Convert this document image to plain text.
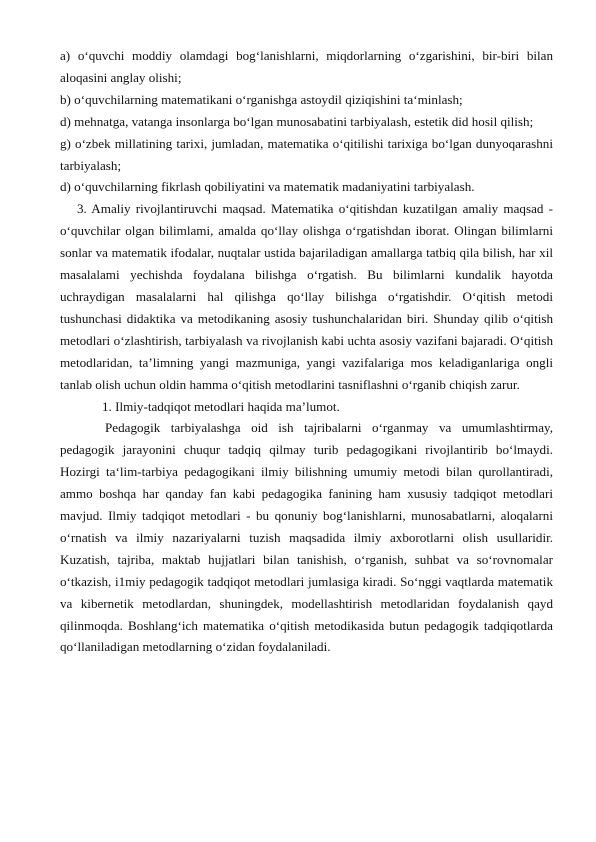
a) o‘quvchi moddiy olamdagi bog‘lanishlarni, miqdorlarning o‘zgarishini, bir-biri bilan aloqasini anglay olishi;

b) o‘quvchilarning matematikani o‘rganishga astoydil qiziqishini ta‘minlash;

d) mehnatga, vatanga insonlarga bo‘lgan munosabatini tarbiyalash, estetik did hosil qilish;

g) o‘zbek millatining tarixi, jumladan, matematika o‘qitilishi tarixiga bo‘lgan dunyoqarashni tarbiyalash;

d) o‘quvchilarning fikrlash qobiliyatini va matematik madaniyatini tarbiyalash.

3. Amaliy rivojlantiruvchi maqsad. Matematika o‘qitishdan kuzatilgan amaliy maqsad - o‘quvchilar olgan bilimlami, amalda qo‘llay olishga o‘rgatishdan iborat. Olingan bilimlarni sonlar va matematik ifodalar, nuqtalar ustida bajariladigan amallarga tatbiq qila bilish, har xil masalalami yechishda foydalana bilishga o‘rgatish. Bu bilimlarni kundalik hayotda uchraydigan masalalarni hal qilishga qo‘llay bilishga o‘rgatishdir. O‘qitish metodi tushunchasi didaktika va metodikaning asosiy tushunchalaridan biri. Shunday qilib o‘qitish metodlari o‘zlashtirish, tarbiyalash va rivojlanish kabi uchta asosiy vazifani bajaradi. O‘qitish metodlaridan, ta’limning yangi mazmuniga, yangi vazifalariga mos keladiganlariga ongli tanlab olish uchun oldin hamma o‘qitish metodlarini tasniflashni o‘rganib chiqish zarur.

1. Ilmiy-tadqiqot metodlari haqida ma’lumot.

Pedagogik tarbiyalashga oid ish tajribalarni o‘rganmay va umumlashtirmay, pedagogik jarayonini chuqur tadqiq qilmay turib pedagogikani rivojlantirib bo‘lmaydi. Hozirgi ta‘lim-tarbiya pedagogikani ilmiy bilishning umumiy metodi bilan qurollantiradi, ammo boshqa har qanday fan kabi pedagogika fanining ham xususiy tadqiqot metodlari mavjud. Ilmiy tadqiqot metodlari - bu qonuniy bog‘lanishlarni, munosabatlarni, aloqalarni o‘rnatish va ilmiy nazariyalarni tuzish maqsadida ilmiy axborotlarni olish usullaridir. Kuzatish, tajriba, maktab hujjatlari bilan tanishish, o‘rganish, suhbat va so‘rovnomalar o‘tkazish, i1miy pedagogik tadqiqot metodlari jumlasiga kiradi. So‘nggi vaqtlarda matematik va kibernetik metodlardan, shuningdek, modellashtirish metodlaridan foydalanish qayd qilinmoqda. Boshlang‘ich matematika o‘qitish metodikasida butun pedagogik tadqiqotlarda qo‘llaniladigan metodlarning o‘zidan foydalaniladi.
